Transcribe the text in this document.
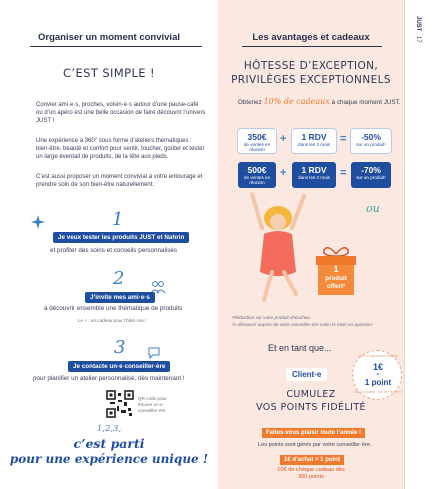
Organiser un moment convivial
C’EST SIMPLE !
Convier ami·e·s, proches, voisin·e·s autour d’une pause-café ou d’un apéro est une belle occasion de faire découvrir l’univers JUST !
Une expérience à 360° sous forme d’ateliers thématiques : bien-être, beauté et confort pour sentir, toucher, goûter et tester un large éventail de produits, de la tête aux pieds.
C’est aussi proposer un moment convivial à votre entourage et prendre soin de son bien-être naturellement.
1
Je veux tester les produits JUST et Nahrin
et profiter des soins et conseils personnalisés
2
J’invite mes ami·e·s
à découvrir ensemble une thématique de produits
Le + : un cadeau pour l’hôte·sse !
3
Je contacte un·e conseiller·ère
pour planifier un atelier personnalisé, dès maintenant !
QR code pour trouver un·e conseiller·ère
1,2,3,
c’est parti
pour une expérience unique !
Les avantages et cadeaux
HÔTESSE D’EXCEPTION,
PRIVILÈGES EXCEPTIONNELS
Obtenez 10% de cadeaux à chaque moment JUST.
350€
de ventes en réunion
+	1 RDV
dans les 3 mois =	-50%
sur un produit¹
500€
de ventes en réunion
+	1 RDV
dans les 3 mois =	-70%
sur un produit¹
ou
1
produit
offert²
¹Réduction sur votre produit chouchou
²A découvrir auprès de votre conseiller·ère selon le mois en question.
Et en tant que...
Client·e
CUMULEZ
VOS POINTS FIDÉLITÉ
Faites-vous plaisir toute l’année !
Les points sont gérés par votre conseiller·ère.
1€ d’achat = 1 point
10€ de chèque cadeau dès 300 points
Mon programme fidélité
1€
=
1 point
dès 300 points · 10€ de Ristourne
JUST
17
